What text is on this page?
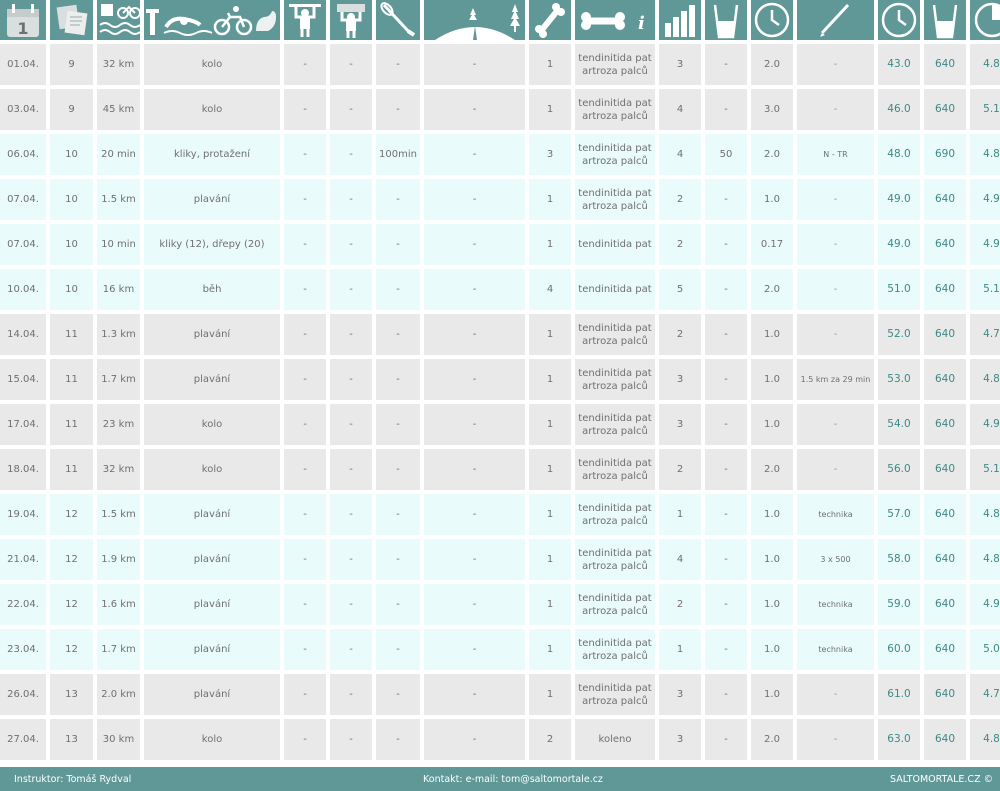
1									i

01.04.	9	32 km	kolo	-	-	-	-	1	tendinitida pat artroza palců	3	-	2.0	-	43.0	640	4.8
03.04.	9	45 km	kolo	-	-	-	-	1	tendinitida pat artroza palců	4	-	3.0	-	46.0	640	5.1
06.04.	10	20 min	kliky, protažení	-	-	100min	-	3	tendinitida pat artroza palců	4	50	2.0	N - TR	48.0	690	4.8
07.04.	10	1.5 km	plavání	-	-	-	-	1	tendinitida pat artroza palců	2	-	1.0	-	49.0	640	4.9
07.04.	10	10 min	kliky (12), dřepy (20)	-	-	-	-	1	tendinitida pat	2	-	0.17	-	49.0	640	4.9
10.04.	10	16 km	běh	-	-	-	-	4	tendinitida pat	5	-	2.0	-	51.0	640	5.1
14.04.	11	1.3 km	plavání	-	-	-	-	1	tendinitida pat artroza palců	2	-	1.0	-	52.0	640	4.7
15.04.	11	1.7 km	plavání	-	-	-	-	1	tendinitida pat artroza palců	3	-	1.0	1.5 km za 29 min	53.0	640	4.8
17.04.	11	23 km	kolo	-	-	-	-	1	tendinitida pat artroza palců	3	-	1.0	-	54.0	640	4.9
18.04.	11	32 km	kolo	-	-	-	-	1	tendinitida pat artroza palců	2	-	2.0	-	56.0	640	5.1
19.04.	12	1.5 km	plavání	-	-	-	-	1	tendinitida pat artroza palců	1	-	1.0	technika	57.0	640	4.8
21.04.	12	1.9 km	plavání	-	-	-	-	1	tendinitida pat artroza palců	4	-	1.0	3 x 500	58.0	640	4.8
22.04.	12	1.6 km	plavání	-	-	-	-	1	tendinitida pat artroza palců	2	-	1.0	technika	59.0	640	4.9
23.04.	12	1.7 km	plavání	-	-	-	-	1	tendinitida pat artroza palců	1	-	1.0	technika	60.0	640	5.0
26.04.	13	2.0 km	plavání	-	-	-	-	1	tendinitida pat artroza palců	3	-	1.0	-	61.0	640	4.7
27.04.	13	30 km	kolo	-	-	-	-	2	koleno	3	-	2.0	-	63.0	640	4.8
Instruktor: Tomáš Rydval	Kontakt: e-mail: tom@saltomortale.cz	SALTOMORTALE.CZ ©
